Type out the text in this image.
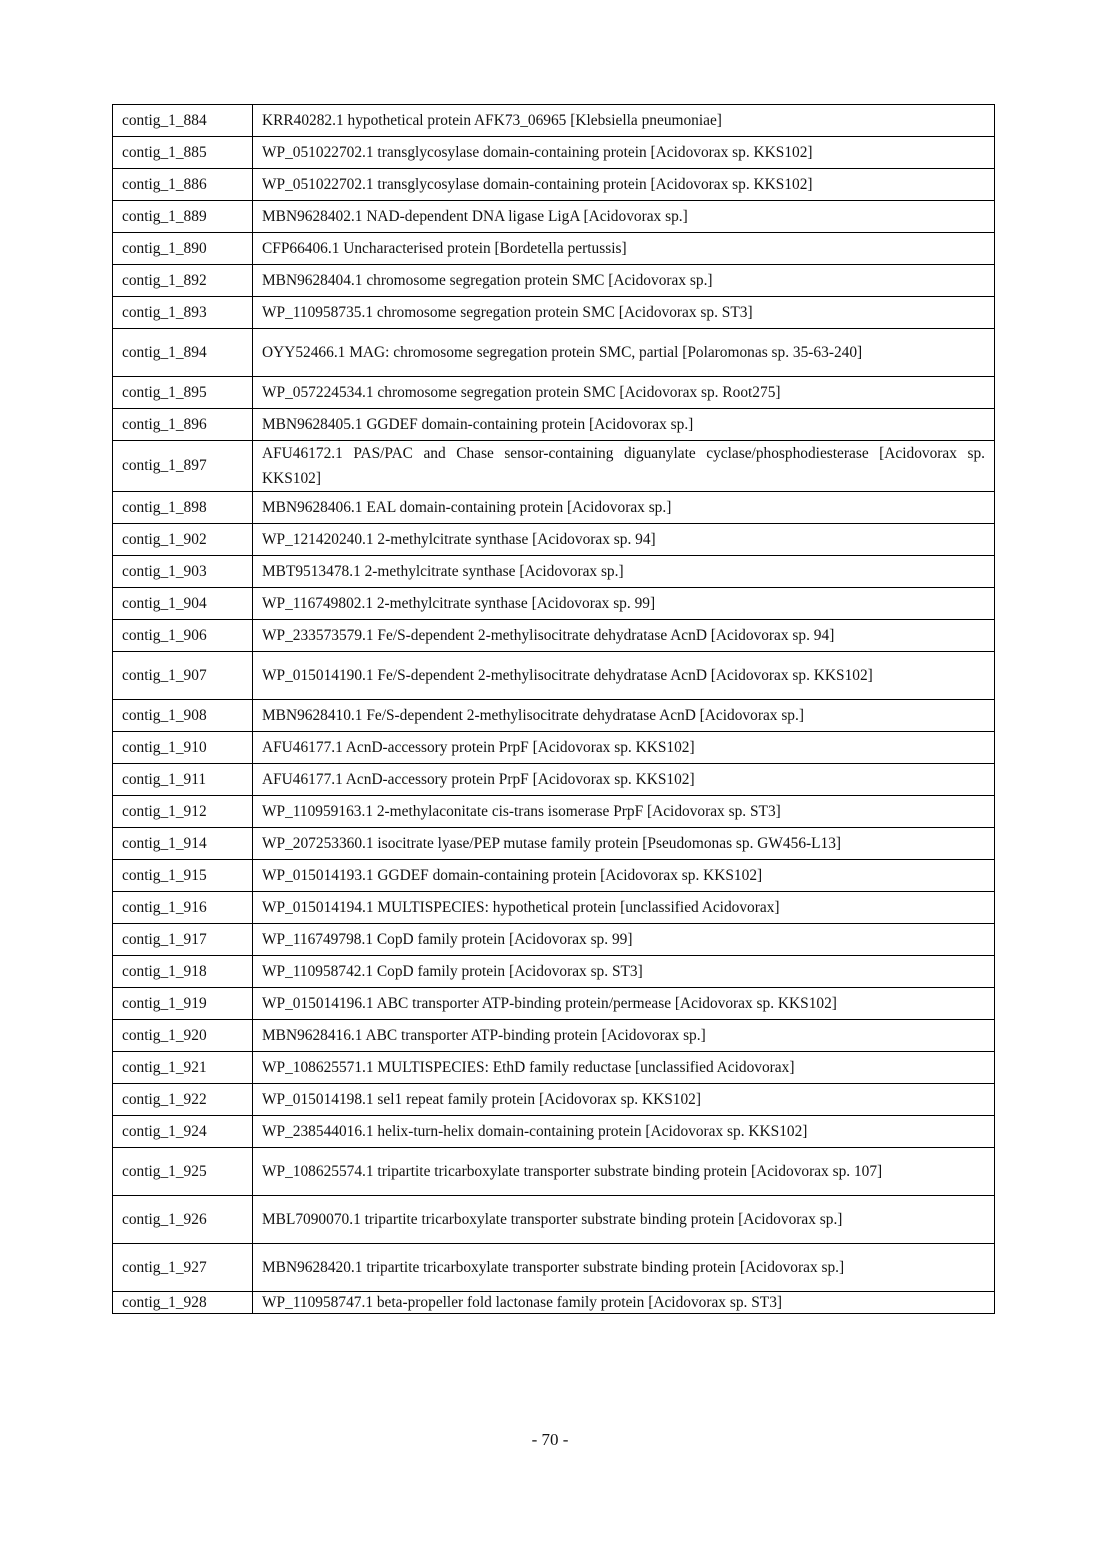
contig_1_884	KRR40282.1 hypothetical protein AFK73_06965 [Klebsiella pneumoniae]
contig_1_885	WP_051022702.1 transglycosylase domain-containing protein [Acidovorax sp. KKS102]
contig_1_886	WP_051022702.1 transglycosylase domain-containing protein [Acidovorax sp. KKS102]
contig_1_889	MBN9628402.1 NAD-dependent DNA ligase LigA [Acidovorax sp.]
contig_1_890	CFP66406.1 Uncharacterised protein [Bordetella pertussis]
contig_1_892	MBN9628404.1 chromosome segregation protein SMC [Acidovorax sp.]
contig_1_893	WP_110958735.1 chromosome segregation protein SMC [Acidovorax sp. ST3]
contig_1_894	OYY52466.1 MAG: chromosome segregation protein SMC, partial [Polaromonas sp. 35-63-240]
contig_1_895	WP_057224534.1 chromosome segregation protein SMC [Acidovorax sp. Root275]
contig_1_896	MBN9628405.1 GGDEF domain-containing protein [Acidovorax sp.]
contig_1_897	AFU46172.1 PAS/PAC and Chase sensor-containing diguanylate cyclase/phosphodiesterase [Acidovorax sp. KKS102]
contig_1_898	MBN9628406.1 EAL domain-containing protein [Acidovorax sp.]
contig_1_902	WP_121420240.1 2-methylcitrate synthase [Acidovorax sp. 94]
contig_1_903	MBT9513478.1 2-methylcitrate synthase [Acidovorax sp.]
contig_1_904	WP_116749802.1 2-methylcitrate synthase [Acidovorax sp. 99]
contig_1_906	WP_233573579.1 Fe/S-dependent 2-methylisocitrate dehydratase AcnD [Acidovorax sp. 94]
contig_1_907	WP_015014190.1 Fe/S-dependent 2-methylisocitrate dehydratase AcnD [Acidovorax sp. KKS102]
contig_1_908	MBN9628410.1 Fe/S-dependent 2-methylisocitrate dehydratase AcnD [Acidovorax sp.]
contig_1_910	AFU46177.1 AcnD-accessory protein PrpF [Acidovorax sp. KKS102]
contig_1_911	AFU46177.1 AcnD-accessory protein PrpF [Acidovorax sp. KKS102]
contig_1_912	WP_110959163.1 2-methylaconitate cis-trans isomerase PrpF [Acidovorax sp. ST3]
contig_1_914	WP_207253360.1 isocitrate lyase/PEP mutase family protein [Pseudomonas sp. GW456-L13]
contig_1_915	WP_015014193.1 GGDEF domain-containing protein [Acidovorax sp. KKS102]
contig_1_916	WP_015014194.1 MULTISPECIES: hypothetical protein [unclassified Acidovorax]
contig_1_917	WP_116749798.1 CopD family protein [Acidovorax sp. 99]
contig_1_918	WP_110958742.1 CopD family protein [Acidovorax sp. ST3]
contig_1_919	WP_015014196.1 ABC transporter ATP-binding protein/permease [Acidovorax sp. KKS102]
contig_1_920	MBN9628416.1 ABC transporter ATP-binding protein [Acidovorax sp.]
contig_1_921	WP_108625571.1 MULTISPECIES: EthD family reductase [unclassified Acidovorax]
contig_1_922	WP_015014198.1 sel1 repeat family protein [Acidovorax sp. KKS102]
contig_1_924	WP_238544016.1 helix-turn-helix domain-containing protein [Acidovorax sp. KKS102]
contig_1_925	WP_108625574.1 tripartite tricarboxylate transporter substrate binding protein [Acidovorax sp. 107]
contig_1_926	MBL7090070.1 tripartite tricarboxylate transporter substrate binding protein [Acidovorax sp.]
contig_1_927	MBN9628420.1 tripartite tricarboxylate transporter substrate binding protein [Acidovorax sp.]
contig_1_928	WP_110958747.1 beta-propeller fold lactonase family protein [Acidovorax sp. ST3]
- 70 -
